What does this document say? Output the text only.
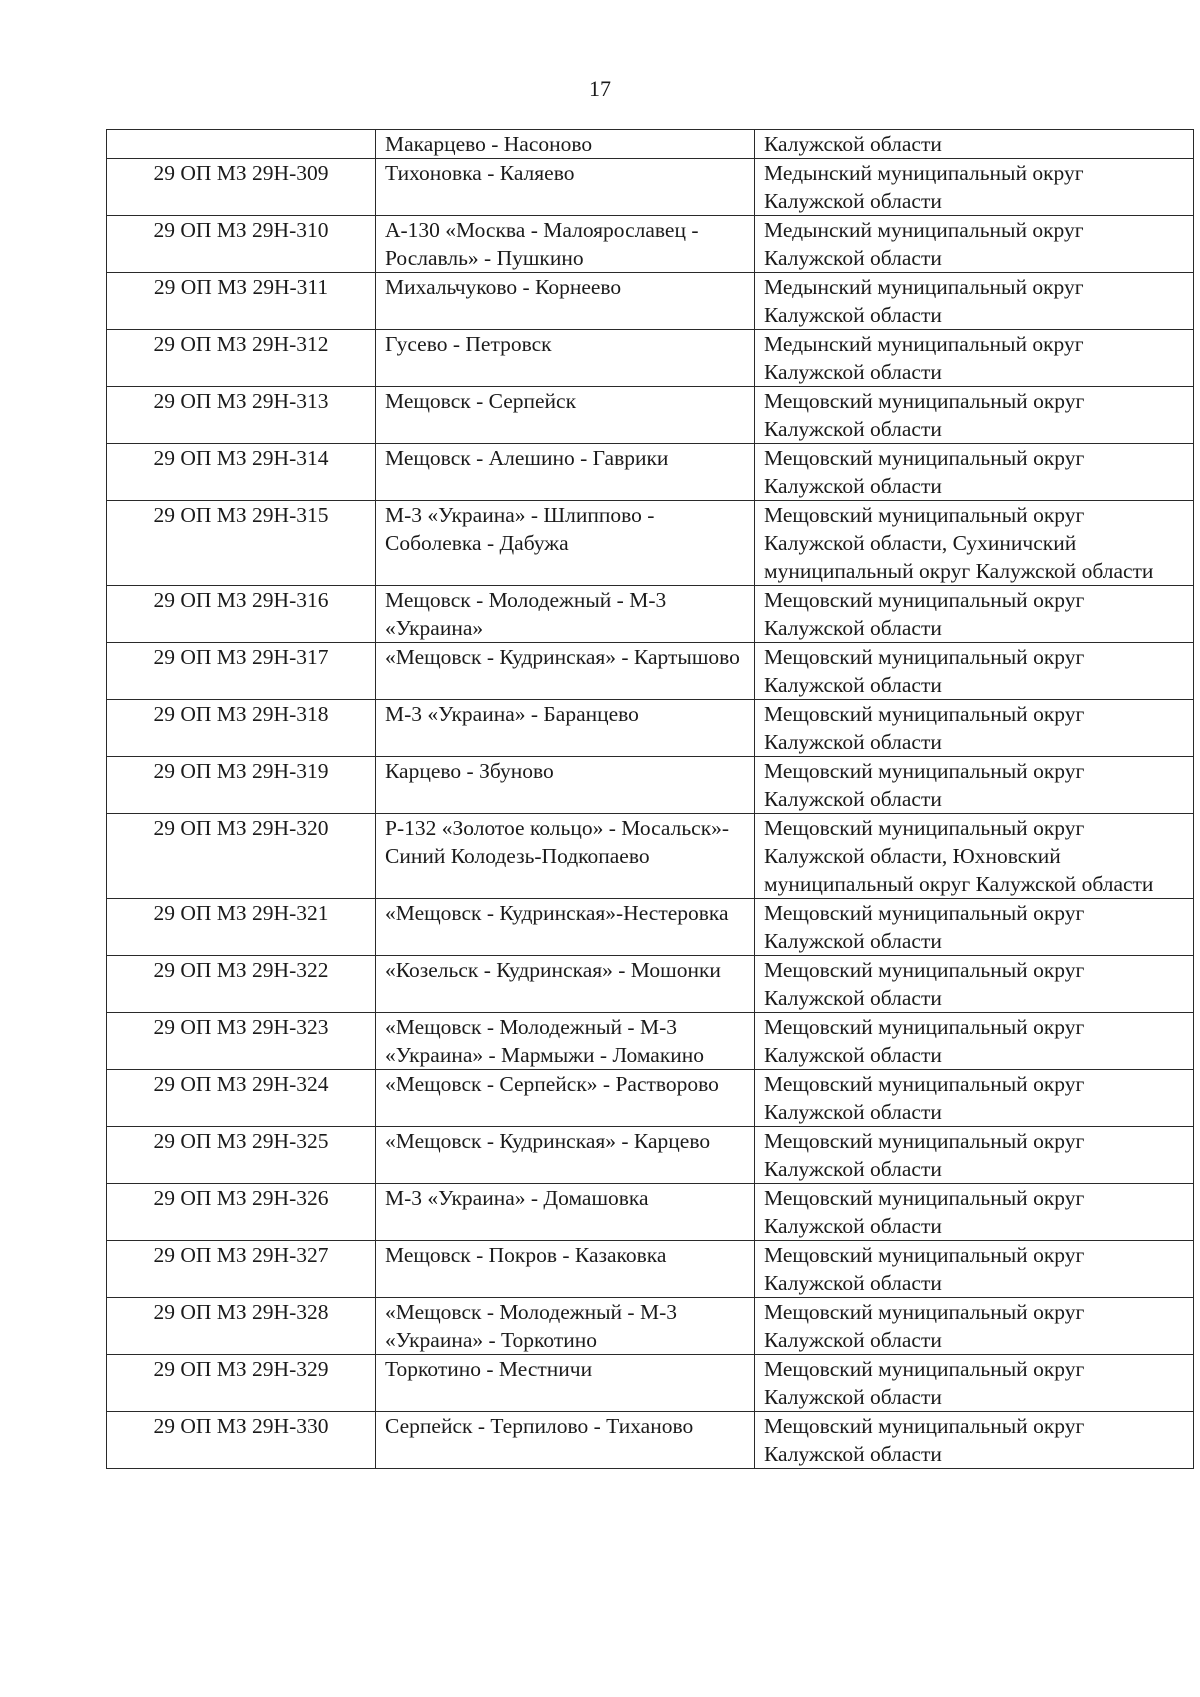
17
	Макарцево - Насоново	Калужской области
29 ОП МЗ 29Н-309	Тихоновка - Каляево	Медынский муниципальный округ Калужской области
29 ОП МЗ 29Н-310	А-130 «Москва - Малоярославец - Рославль» - Пушкино	Медынский муниципальный округ Калужской области
29 ОП МЗ 29Н-311	Михальчуково - Корнеево	Медынский муниципальный округ Калужской области
29 ОП МЗ 29Н-312	Гусево - Петровск	Медынский муниципальный округ Калужской области
29 ОП МЗ 29Н-313	Мещовск - Серпейск	Мещовский муниципальный округ Калужской области
29 ОП МЗ 29Н-314	Мещовск - Алешино - Гаврики	Мещовский муниципальный округ Калужской области
29 ОП МЗ 29Н-315	М-3 «Украина» - Шлиппово - Соболевка - Дабужа	Мещовский муниципальный округ Калужской области, Сухиничский муниципальный округ Калужской области
29 ОП МЗ 29Н-316	Мещовск - Молодежный - М-3 «Украина»	Мещовский муниципальный округ Калужской области
29 ОП МЗ 29Н-317	«Мещовск - Кудринская» - Картышово	Мещовский муниципальный округ Калужской области
29 ОП МЗ 29Н-318	М-3 «Украина» - Баранцево	Мещовский муниципальный округ Калужской области
29 ОП МЗ 29Н-319	Карцево - Збуново	Мещовский муниципальный округ Калужской области
29 ОП МЗ 29Н-320	Р-132 «Золотое кольцо» - Мосальск»-Синий Колодезь-Подкопаево	Мещовский муниципальный округ Калужской области, Юхновский муниципальный округ Калужской области
29 ОП МЗ 29Н-321	«Мещовск - Кудринская»-Нестеровка	Мещовский муниципальный округ Калужской области
29 ОП МЗ 29Н-322	«Козельск - Кудринская» - Мошонки	Мещовский муниципальный округ Калужской области
29 ОП МЗ 29Н-323	«Мещовск - Молодежный - М-3 «Украина» - Мармыжи - Ломакино	Мещовский муниципальный округ Калужской области
29 ОП МЗ 29Н-324	«Мещовск - Серпейск» - Растворово	Мещовский муниципальный округ Калужской области
29 ОП МЗ 29Н-325	«Мещовск - Кудринская» - Карцево	Мещовский муниципальный округ Калужской области
29 ОП МЗ 29Н-326	М-3 «Украина» - Домашовка	Мещовский муниципальный округ Калужской области
29 ОП МЗ 29Н-327	Мещовск - Покров - Казаковка	Мещовский муниципальный округ Калужской области
29 ОП МЗ 29Н-328	«Мещовск - Молодежный - М-3 «Украина» - Торкотино	Мещовский муниципальный округ Калужской области
29 ОП МЗ 29Н-329	Торкотино - Местничи	Мещовский муниципальный округ Калужской области
29 ОП МЗ 29Н-330	Серпейск - Терпилово - Тиханово	Мещовский муниципальный округ Калужской области
